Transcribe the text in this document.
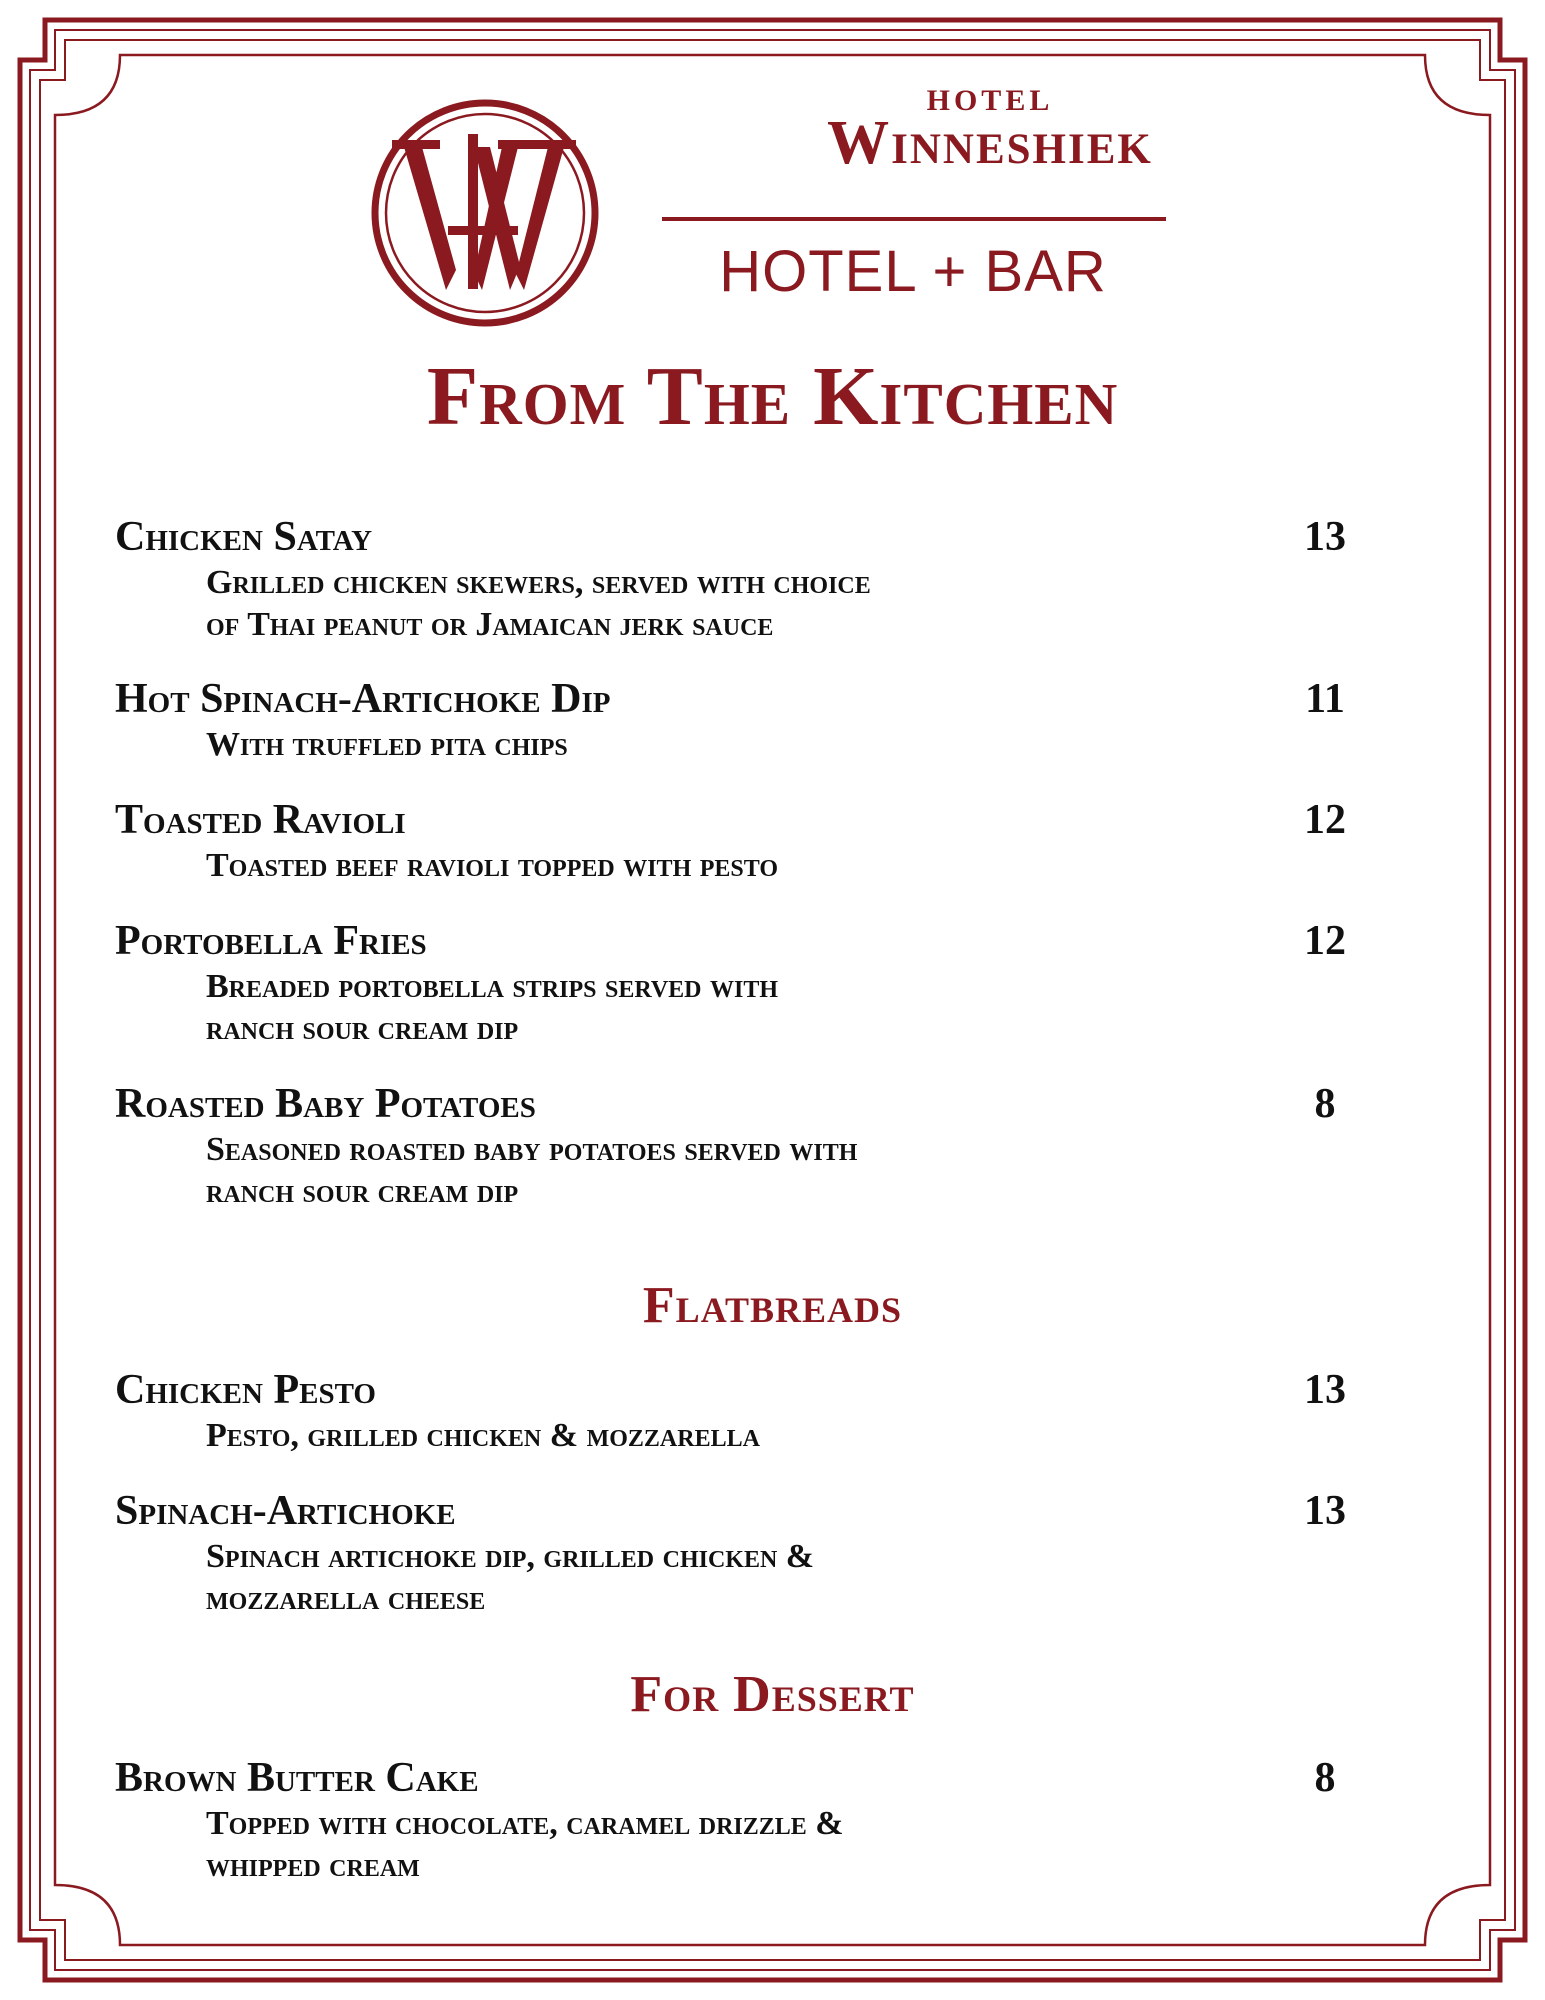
HOTEL
Winneshiek
HOTEL + BAR
From The Kitchen
Chicken Satay	13
Grilled chicken skewers, served with choice
of Thai peanut or Jamaican jerk sauce
Hot Spinach-Artichoke Dip	11
With truffled pita chips
Toasted Ravioli	12
Toasted beef ravioli topped with pesto
Portobella Fries	12
Breaded portobella strips served with
ranch sour cream dip
Roasted Baby Potatoes	8
Seasoned roasted baby potatoes served with
ranch sour cream dip
Flatbreads
Chicken Pesto	13
Pesto, grilled chicken & mozzarella
Spinach-Artichoke	13
Spinach artichoke dip, grilled chicken &
mozzarella cheese
For Dessert
Brown Butter Cake	8
Topped with chocolate, caramel drizzle &
whipped cream
